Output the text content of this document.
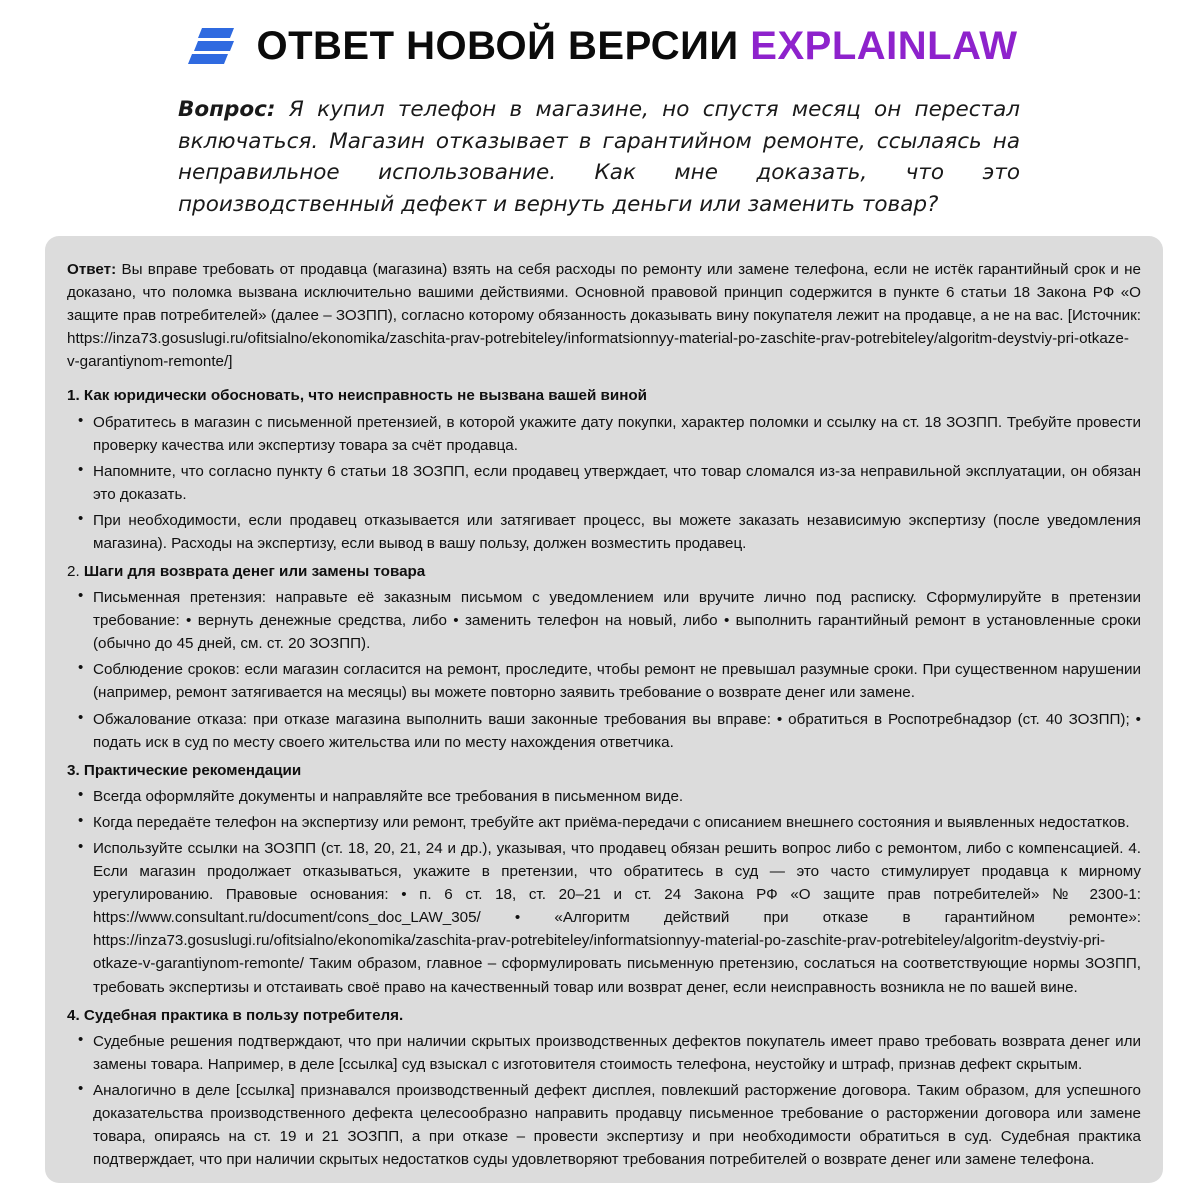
ОТВЕТ НОВОЙ ВЕРСИИ EXPLAINLAW
Вопрос: Я купил телефон в магазине, но спустя месяц он перестал включаться. Магазин отказывает в гарантийном ремонте, ссылаясь на неправильное использование. Как мне доказать, что это производственный дефект и вернуть деньги или заменить товар?

Ответ: Вы вправе требовать от продавца (магазина) взять на себя расходы по ремонту или замене телефона, если не истёк гарантийный срок и не доказано, что поломка вызвана исключительно вашими действиями. Основной правовой принцип содержится в пункте 6 статьи 18 Закона РФ «О защите прав потребителей» (далее – ЗОЗПП), согласно которому обязанность доказывать вину покупателя лежит на продавце, а не на вас. [Источник: https://inza73.gosuslugi.ru/ofitsialno/ekonomika/zaschita-prav-potrebiteley/informatsionnyy-material-po-zaschite-prav-potrebiteley/algoritm-deystviy-pri-otkaze-v-garantiynom-remonte/]

1. Как юридически обосновать, что неисправность не вызвана вашей виной
• Обратитесь в магазин с письменной претензией, в которой укажите дату покупки, характер поломки и ссылку на ст. 18 ЗОЗПП. Требуйте провести проверку качества или экспертизу товара за счёт продавца.
• Напомните, что согласно пункту 6 статьи 18 ЗОЗПП, если продавец утверждает, что товар сломался из-за неправильной эксплуатации, он обязан это доказать.
• При необходимости, если продавец отказывается или затягивает процесс, вы можете заказать независимую экспертизу (после уведомления магазина). Расходы на экспертизу, если вывод в вашу пользу, должен возместить продавец.
2. Шаги для возврата денег или замены товара
• Письменная претензия: направьте её заказным письмом с уведомлением или вручите лично под расписку. Сформулируйте в претензии требование: • вернуть денежные средства, либо • заменить телефон на новый, либо • выполнить гарантийный ремонт в установленные сроки (обычно до 45 дней, см. ст. 20 ЗОЗПП).
• Соблюдение сроков: если магазин согласится на ремонт, проследите, чтобы ремонт не превышал разумные сроки. При существенном нарушении (например, ремонт затягивается на месяцы) вы можете повторно заявить требование о возврате денег или замене.
• Обжалование отказа: при отказе магазина выполнить ваши законные требования вы вправе: • обратиться в Роспотребнадзор (ст. 40 ЗОЗПП); • подать иск в суд по месту своего жительства или по месту нахождения ответчика.
3. Практические рекомендации
• Всегда оформляйте документы и направляйте все требования в письменном виде.
• Когда передаёте телефон на экспертизу или ремонт, требуйте акт приёма-передачи с описанием внешнего состояния и выявленных недостатков.
• Используйте ссылки на ЗОЗПП (ст. 18, 20, 21, 24 и др.), указывая, что продавец обязан решить вопрос либо с ремонтом, либо с компенсацией. 4. Если магазин продолжает отказываться, укажите в претензии, что обратитесь в суд — это часто стимулирует продавца к мирному урегулированию. Правовые основания: • п. 6 ст. 18, ст. 20–21 и ст. 24 Закона РФ «О защите прав потребителей» № 2300-1: https://www.consultant.ru/document/cons_doc_LAW_305/ • «Алгоритм действий при отказе в гарантийном ремонте»: https://inza73.gosuslugi.ru/ofitsialno/ekonomika/zaschita-prav-potrebiteley/informatsionnyy-material-po-zaschite-prav-potrebiteley/algoritm-deystviy-pri-otkaze-v-garantiynom-remonte/ Таким образом, главное – сформулировать письменную претензию, сослаться на соответствующие нормы ЗОЗПП, требовать экспертизы и отстаивать своё право на качественный товар или возврат денег, если неисправность возникла не по вашей вине.
4. Судебная практика в пользу потребителя.
• Судебные решения подтверждают, что при наличии скрытых производственных дефектов покупатель имеет право требовать возврата денег или замены товара. Например, в деле [ссылка] суд взыскал с изготовителя стоимость телефона, неустойку и штраф, признав дефект скрытым.
• Аналогично в деле [ссылка] признавался производственный дефект дисплея, повлекший расторжение договора. Таким образом, для успешного доказательства производственного дефекта целесообразно направить продавцу письменное требование о расторжении договора или замене товара, опираясь на ст. 19 и 21 ЗОЗПП, а при отказе – провести экспертизу и при необходимости обратиться в суд. Судебная практика подтверждает, что при наличии скрытых недостатков суды удовлетворяют требования потребителей о возврате денег или замене телефона.
